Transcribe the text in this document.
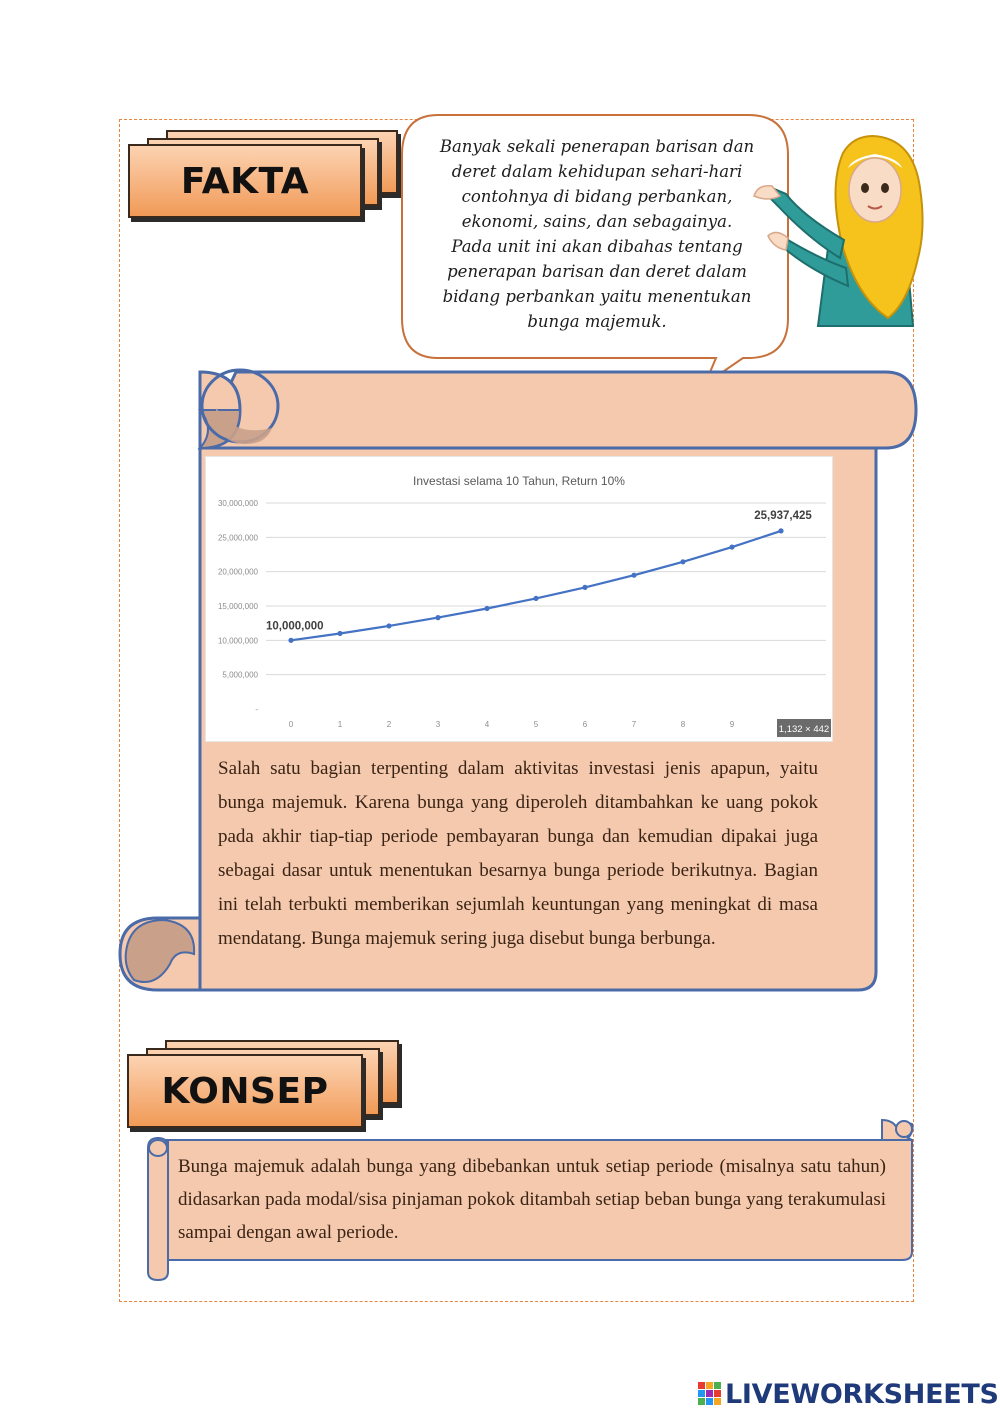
FAKTA
Banyak sekali penerapan barisan dan
deret dalam kehidupan sehari-hari
contohnya di bidang perbankan,
ekonomi, sains, dan sebagainya.
Pada unit ini akan dibahas tentang
penerapan barisan dan deret dalam
bidang perbankan yaitu menentukan
bunga majemuk.
Investasi selama 10 Tahun, Return 10%
-
5,000,000
10,000,000
15,000,000
20,000,000
25,000,000
30,000,000
0	1	2	3	4	5	6	7	8	9
10,000,000
25,937,425
1,132 × 442
Salah satu bagian terpenting dalam aktivitas investasi jenis apapun, yaitu bunga majemuk. Karena bunga yang diperoleh ditambahkan ke uang pokok pada akhir tiap-tiap periode pembayaran bunga dan kemudian dipakai juga sebagai dasar untuk menentukan besarnya bunga periode berikutnya. Bagian ini telah terbukti memberikan sejumlah keuntungan yang meningkat di masa mendatang. Bunga majemuk sering juga disebut bunga berbunga.
KONSEP
Bunga majemuk adalah bunga yang dibebankan untuk setiap periode (misalnya satu tahun) didasarkan pada modal/sisa pinjaman pokok ditambah setiap beban bunga yang terakumulasi sampai dengan awal periode.
LIVEWORKSHEETS
